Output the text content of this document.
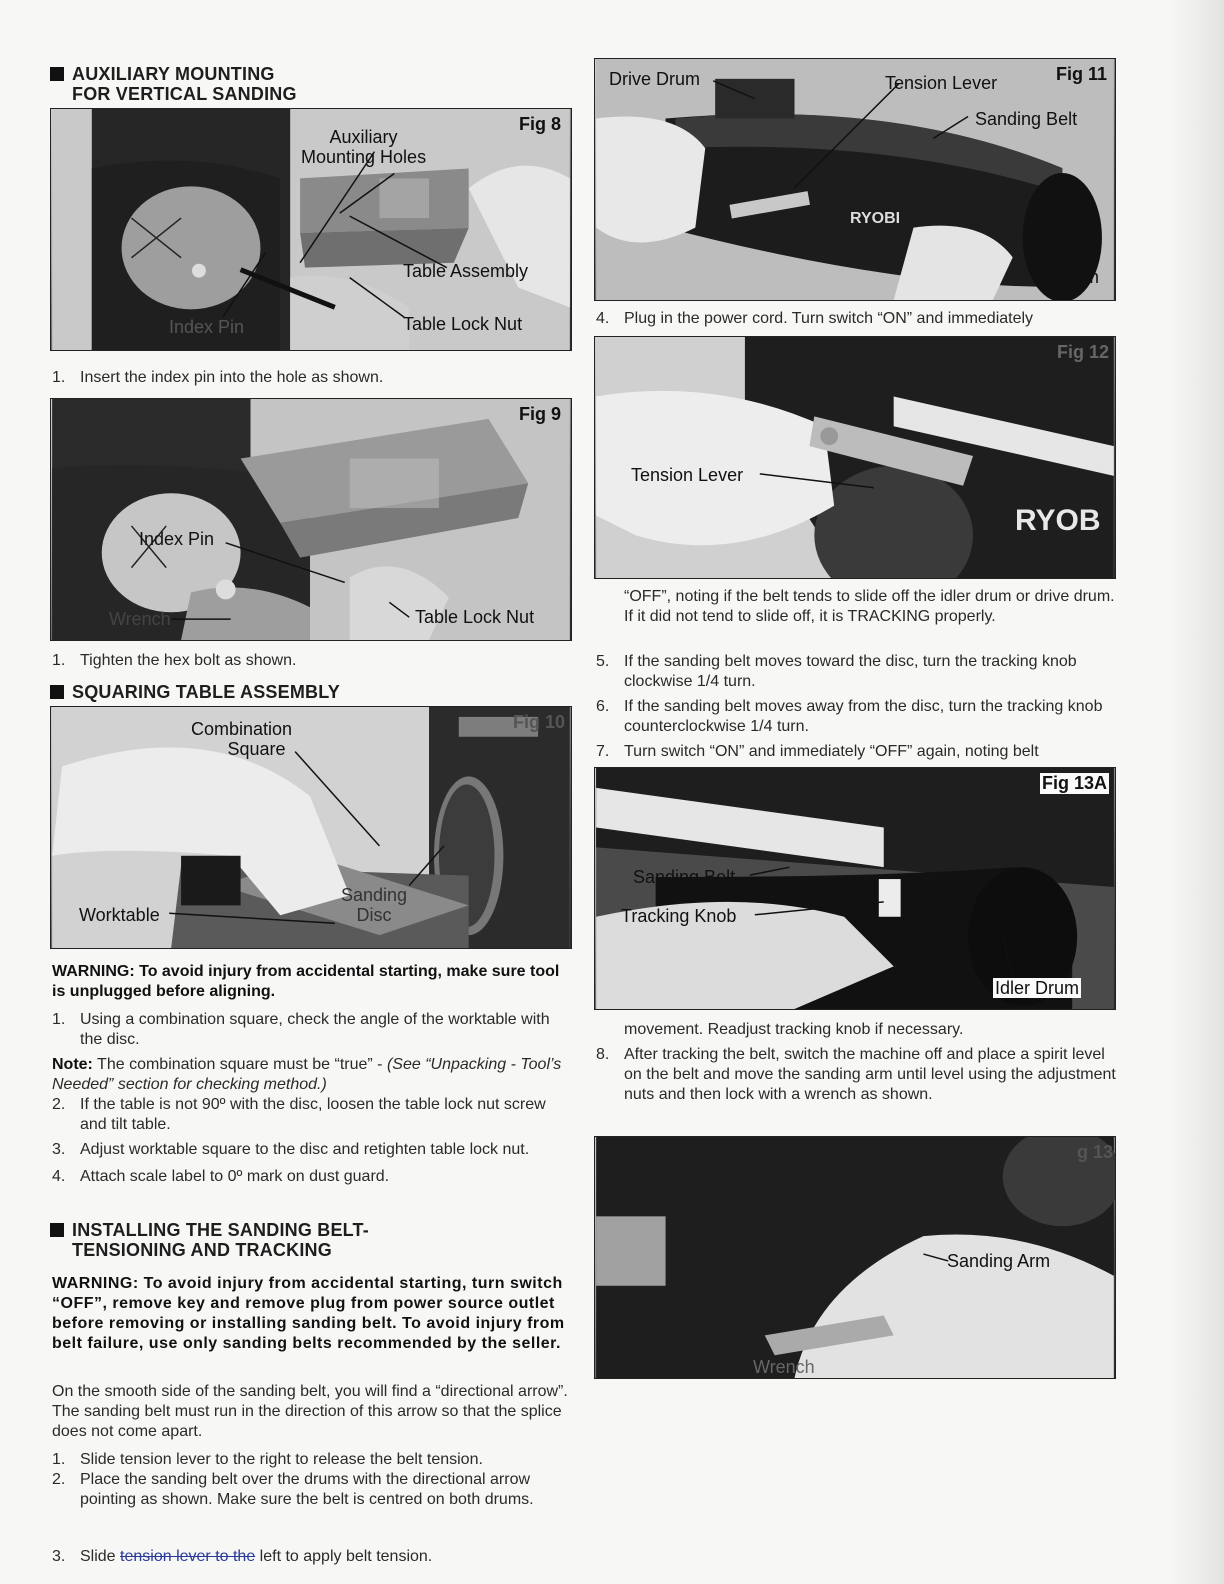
AUXILIARY MOUNTING
FOR VERTICAL SANDING
Auxiliary
Mounting Holes
Table Assembly
Index Pin	Table Lock Nut
Fig 8
1. Insert the index pin into the hole as shown.
Index Pin
Wrench	Table Lock Nut
Fig 9
1. Tighten the hex bolt as shown.
SQUARING TABLE ASSEMBLY
Combination
Square
Sanding
Disc
Worktable
Fig 10
WARNING: To avoid injury from accidental starting, make sure tool is unplugged before aligning.
1. Using a combination square, check the angle of the worktable with the disc.
Note: The combination square must be “true” - (See “Unpacking - Tool’s Needed” section for checking method.)
2. If the table is not 90º with the disc, loosen the table lock nut screw and tilt table.
3. Adjust worktable square to the disc and retighten table lock nut.
4. Attach scale label to 0º mark on dust guard.
INSTALLING THE SANDING BELT-
TENSIONING AND TRACKING
WARNING: To avoid injury from accidental starting, turn switch “OFF”, remove key and remove plug from power source outlet before removing or installing sanding belt. To avoid injury from belt failure, use only sanding belts recommended by the seller.
On the smooth side of the sanding belt, you will find a “directional arrow”. The sanding belt must run in the direction of this arrow so that the splice does not come apart.
1. Slide tension lever to the right to release the belt tension.
2. Place the sanding belt over the drums with the directional arrow pointing as shown. Make sure the belt is centred on both drums.
3. Slide tension lever to the left to apply belt tension.
Drive Drum	Tension Lever
Sanding Belt
Idler
Drum
RYOBI
Fig 11
4. Plug in the power cord. Turn switch “ON” and immediately
Tension Lever
RYOB
Fig 12
“OFF”, noting if the belt tends to slide off the idler drum or drive drum. If it did not tend to slide off, it is TRACKING properly.
5. If the sanding belt moves toward the disc, turn the tracking knob clockwise 1/4 turn.
6. If the sanding belt moves away from the disc, turn the tracking knob counterclockwise 1/4 turn.
7. Turn switch “ON” and immediately “OFF” again, noting belt
Sanding Belt
Tracking Knob
Idler Drum
Fig 13A
movement. Readjust tracking knob if necessary.
8. After tracking the belt, switch the machine off and place a spirit level on the belt and move the sanding arm until level using the adjustment nuts and then lock with a wrench as shown.
Sanding Arm
Wrench
g 13
